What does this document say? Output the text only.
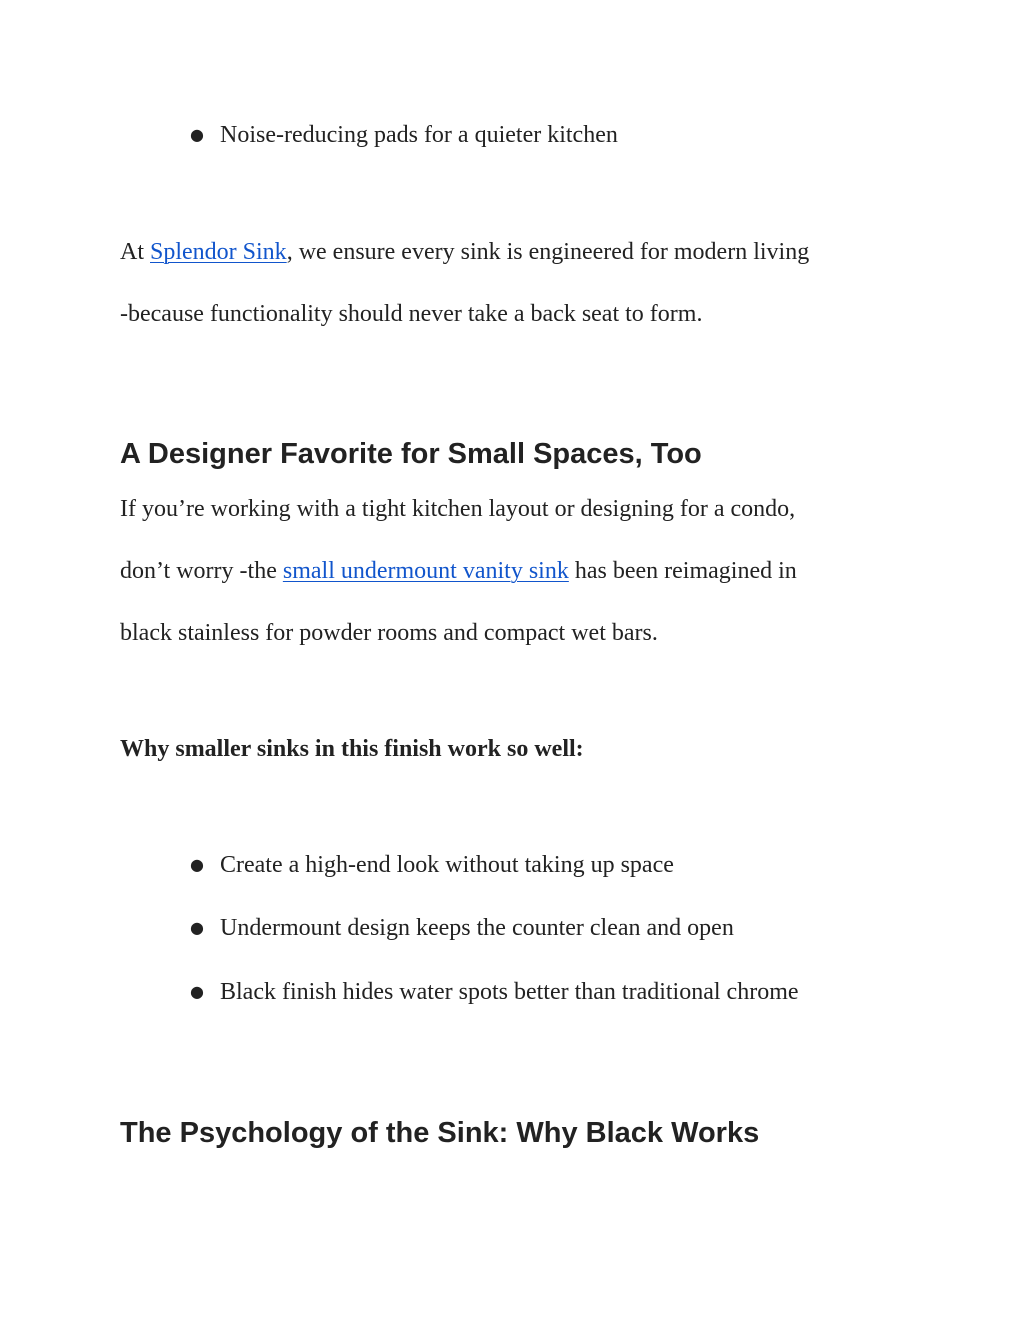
● Noise-reducing pads for a quieter kitchen
At Splendor Sink, we ensure every sink is engineered for modern living
-because functionality should never take a back seat to form.
A Designer Favorite for Small Spaces, Too
If you’re working with a tight kitchen layout or designing for a condo,
don’t worry -the small undermount vanity sink has been reimagined in
black stainless for powder rooms and compact wet bars.
Why smaller sinks in this finish work so well:
● Create a high-end look without taking up space
● Undermount design keeps the counter clean and open
● Black finish hides water spots better than traditional chrome
The Psychology of the Sink: Why Black Works
